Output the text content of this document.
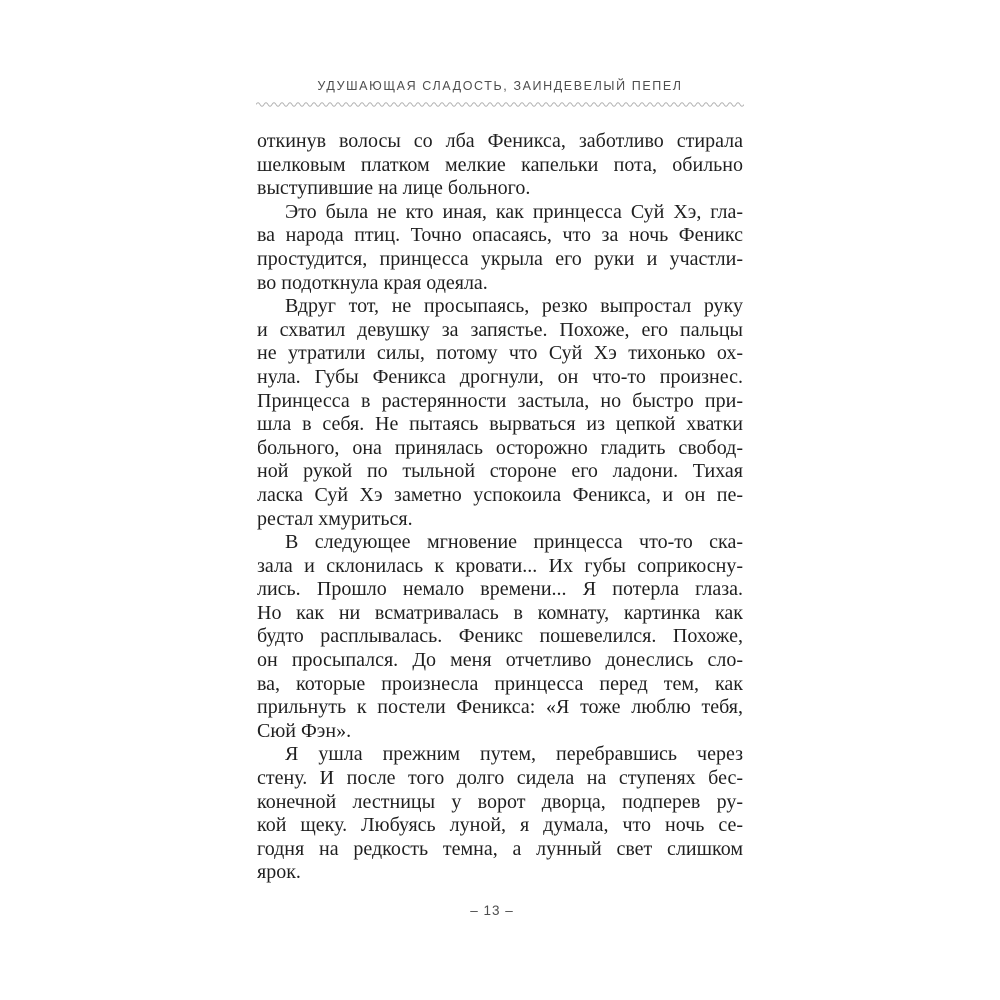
УДУШАЮЩАЯ СЛАДОСТЬ, ЗАИНДЕВЕЛЫЙ ПЕПЕЛ
откинув волосы со лба Феникса, заботливо стирала
шелковым платком мелкие капельки пота, обильно
выступившие на лице больного.
Это была не кто иная, как принцесса Суй Хэ, гла-
ва народа птиц. Точно опасаясь, что за ночь Феникс
простудится, принцесса укрыла его руки и участли-
во подоткнула края одеяла.
Вдруг тот, не просыпаясь, резко выпростал руку
и схватил девушку за запястье. Похоже, его пальцы
не утратили силы, потому что Суй Хэ тихонько ох-
нула. Губы Феникса дрогнули, он что-то произнес.
Принцесса в растерянности застыла, но быстро при-
шла в себя. Не пытаясь вырваться из цепкой хватки
больного, она принялась осторожно гладить свобод-
ной рукой по тыльной стороне его ладони. Тихая
ласка Суй Хэ заметно успокоила Феникса, и он пе-
рестал хмуриться.
В следующее мгновение принцесса что-то ска-
зала и склонилась к кровати... Их губы соприкосну-
лись. Прошло немало времени... Я потерла глаза.
Но как ни всматривалась в комнату, картинка как
будто расплывалась. Феникс пошевелился. Похоже,
он просыпался. До меня отчетливо донеслись сло-
ва, которые произнесла принцесса перед тем, как
прильнуть к постели Феникса: «Я тоже люблю тебя,
Сюй Фэн».
Я ушла прежним путем, перебравшись через
стену. И после того долго сидела на ступенях бес-
конечной лестницы у ворот дворца, подперев ру-
кой щеку. Любуясь луной, я думала, что ночь се-
годня на редкость темна, а лунный свет слишком
ярок.
– 13 –
